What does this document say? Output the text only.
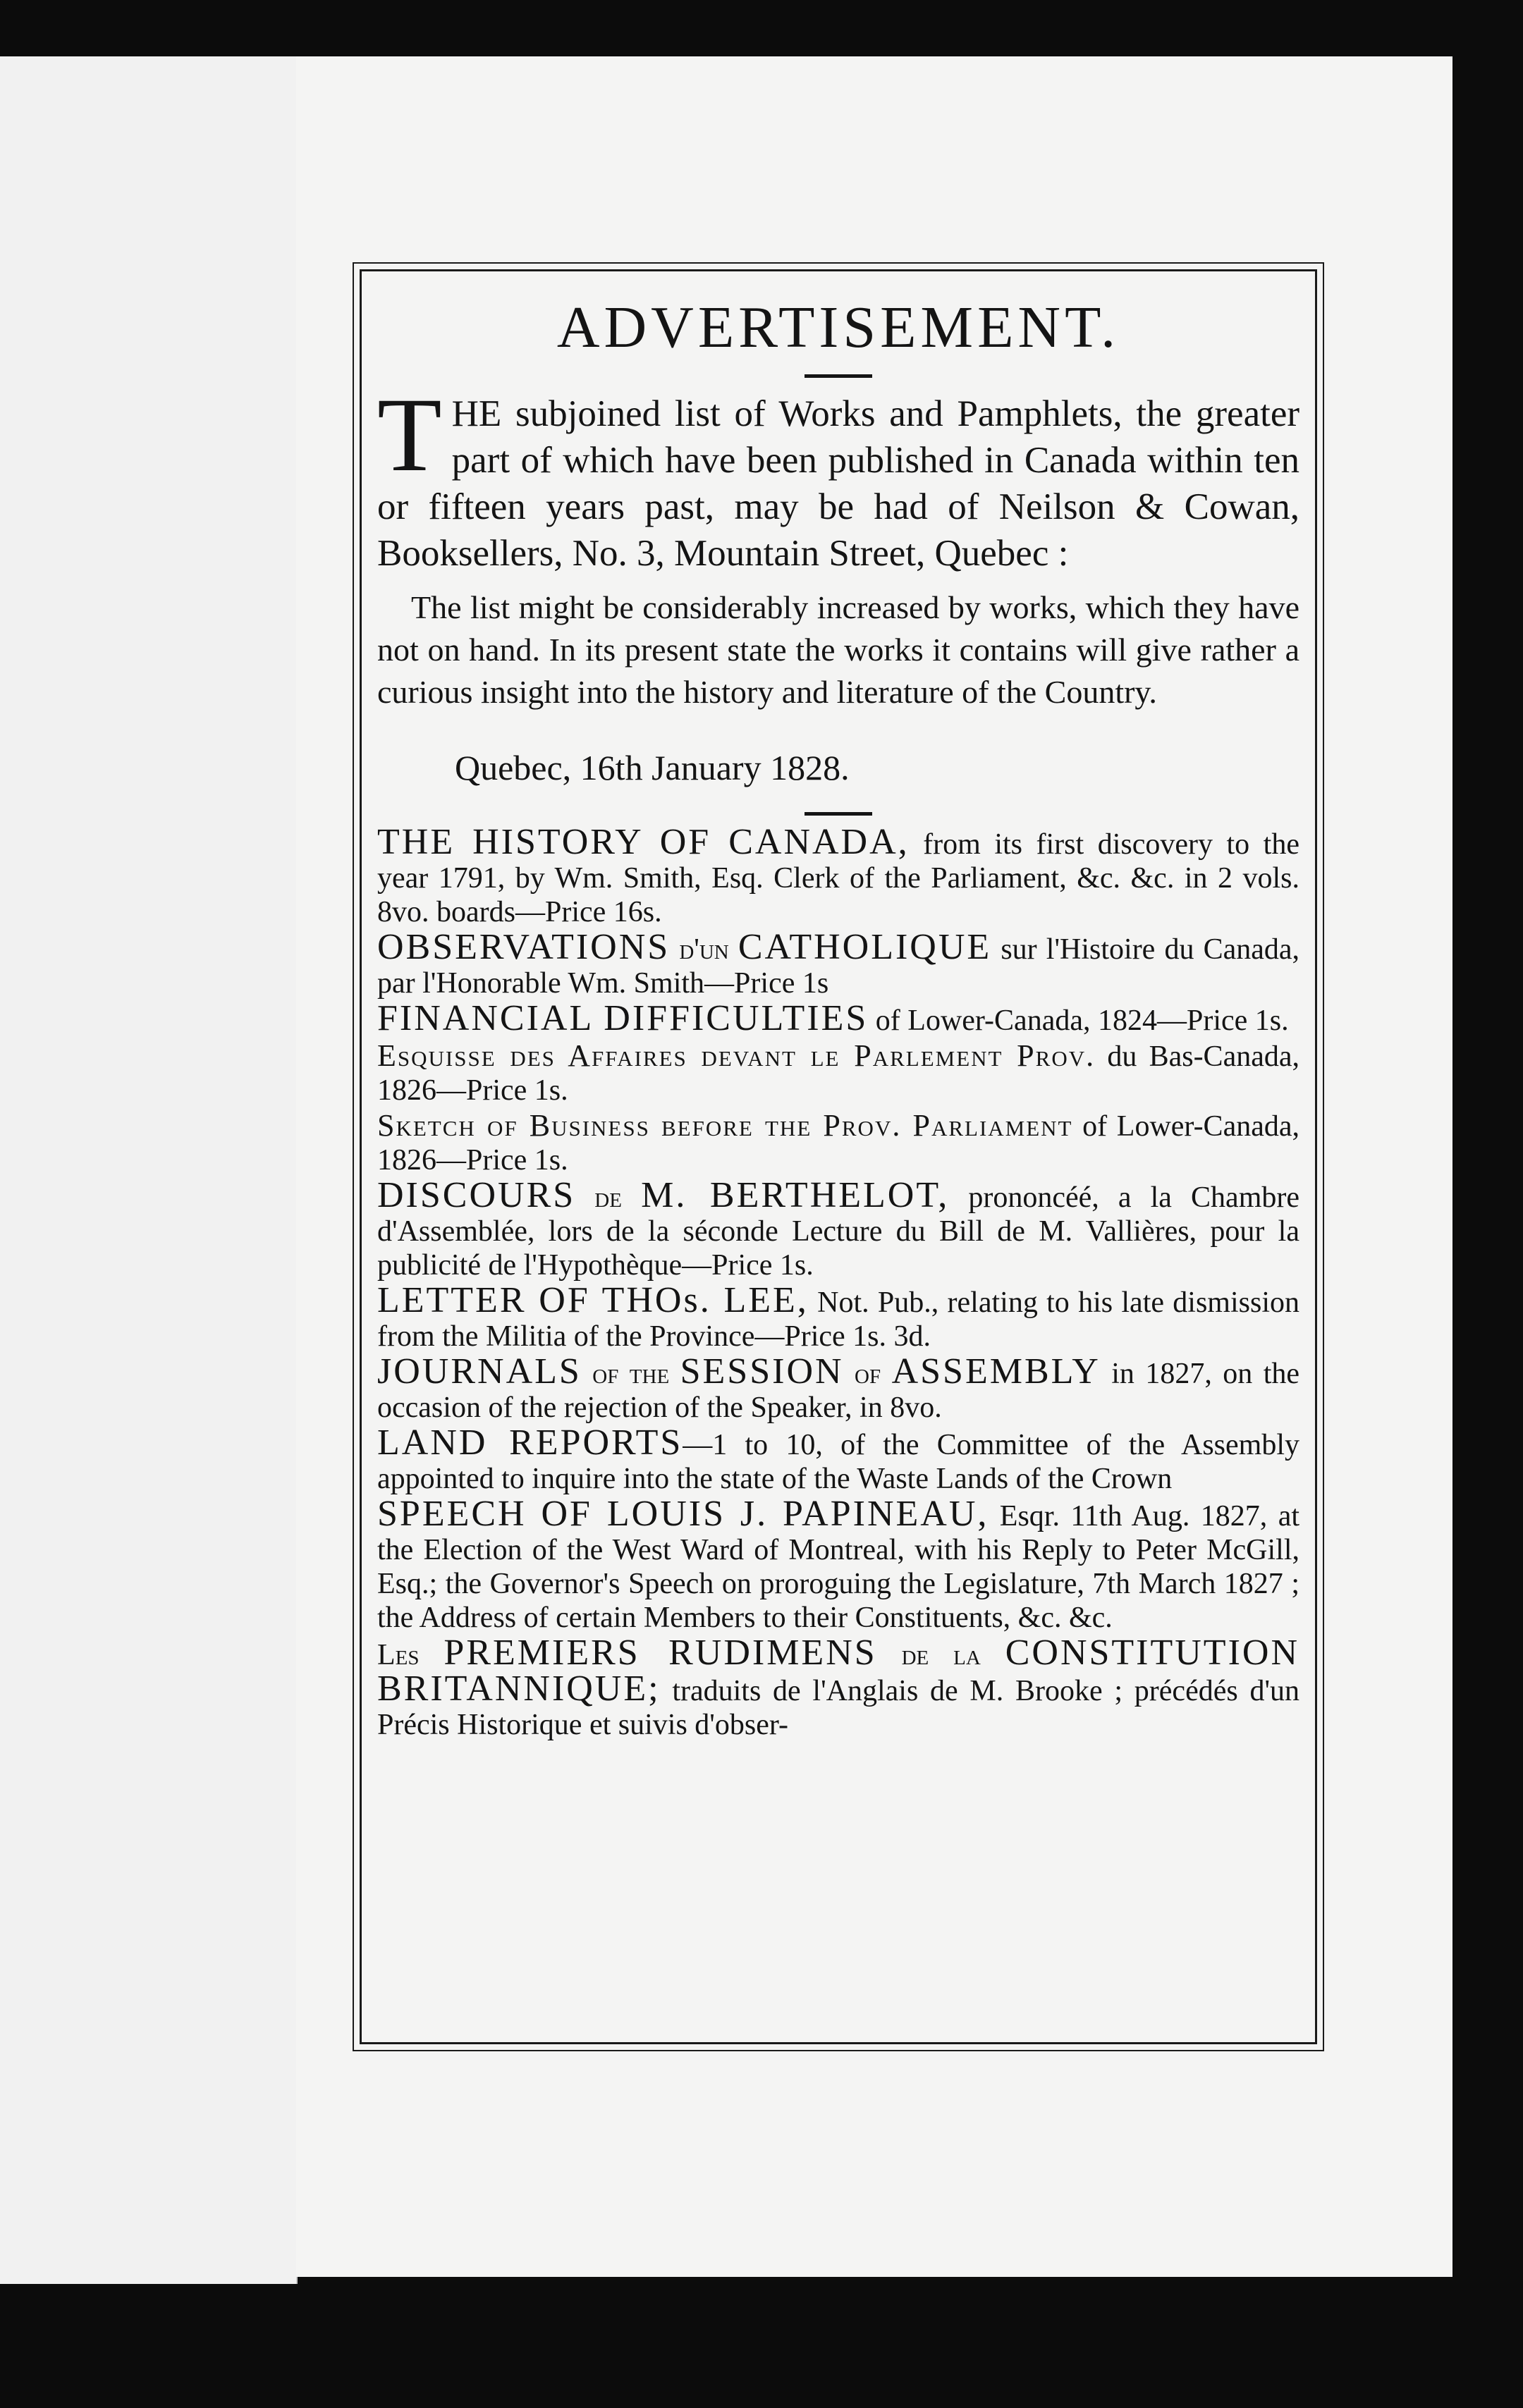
ADVERTISEMENT.

T HE subjoined list of Works and Pamphlets, the greater part of which have been published in Canada within ten or fifteen years past, may be had of Neilson & Cowan, Booksellers, No. 3, Mountain Street, Quebec :

The list might be considerably increased by works, which they have not on hand. In its present state the works it contains will give rather a curious insight into the history and literature of the Country.

Quebec, 16th January 1828.

THE HISTORY OF CANADA, from its first discovery to the year 1791, by Wm. Smith, Esq. Clerk of the Parliament, &c. &c. in 2 vols. 8vo. boards—Price 16s.

OBSERVATIONS d'un CATHOLIQUE sur l'Histoire du Canada, par l'Honorable Wm. Smith—Price 1s

FINANCIAL DIFFICULTIES of Lower-Canada, 1824—Price 1s.

Esquisse des Affaires devant le Parlement Prov. du Bas-Canada, 1826—Price 1s.

Sketch of Business before the Prov. Parliament of Lower-Canada, 1826—Price 1s.

DISCOURS de M. BERTHELOT, prononcéé, a la Chambre d'Assemblée, lors de la séconde Lecture du Bill de M. Vallières, pour la publicité de l'Hypothèque—Price 1s.

LETTER OF THOs. LEE, Not. Pub., relating to his late dismission from the Militia of the Province—Price 1s. 3d.

JOURNALS of the SESSION of ASSEMBLY in 1827, on the occasion of the rejection of the Speaker, in 8vo.

LAND REPORTS—1 to 10, of the Committee of the Assembly appointed to inquire into the state of the Waste Lands of the Crown

SPEECH OF LOUIS J. PAPINEAU, Esqr. 11th Aug. 1827, at the Election of the West Ward of Montreal, with his Reply to Peter McGill, Esq.; the Governor's Speech on proroguing the Legislature, 7th March 1827 ; the Address of certain Members to their Constituents, &c. &c.

Les PREMIERS RUDIMENS de la CONSTITUTION BRITANNIQUE; traduits de l'Anglais de M. Brooke ; précédés d'un Précis Historique et suivis d'obser-
